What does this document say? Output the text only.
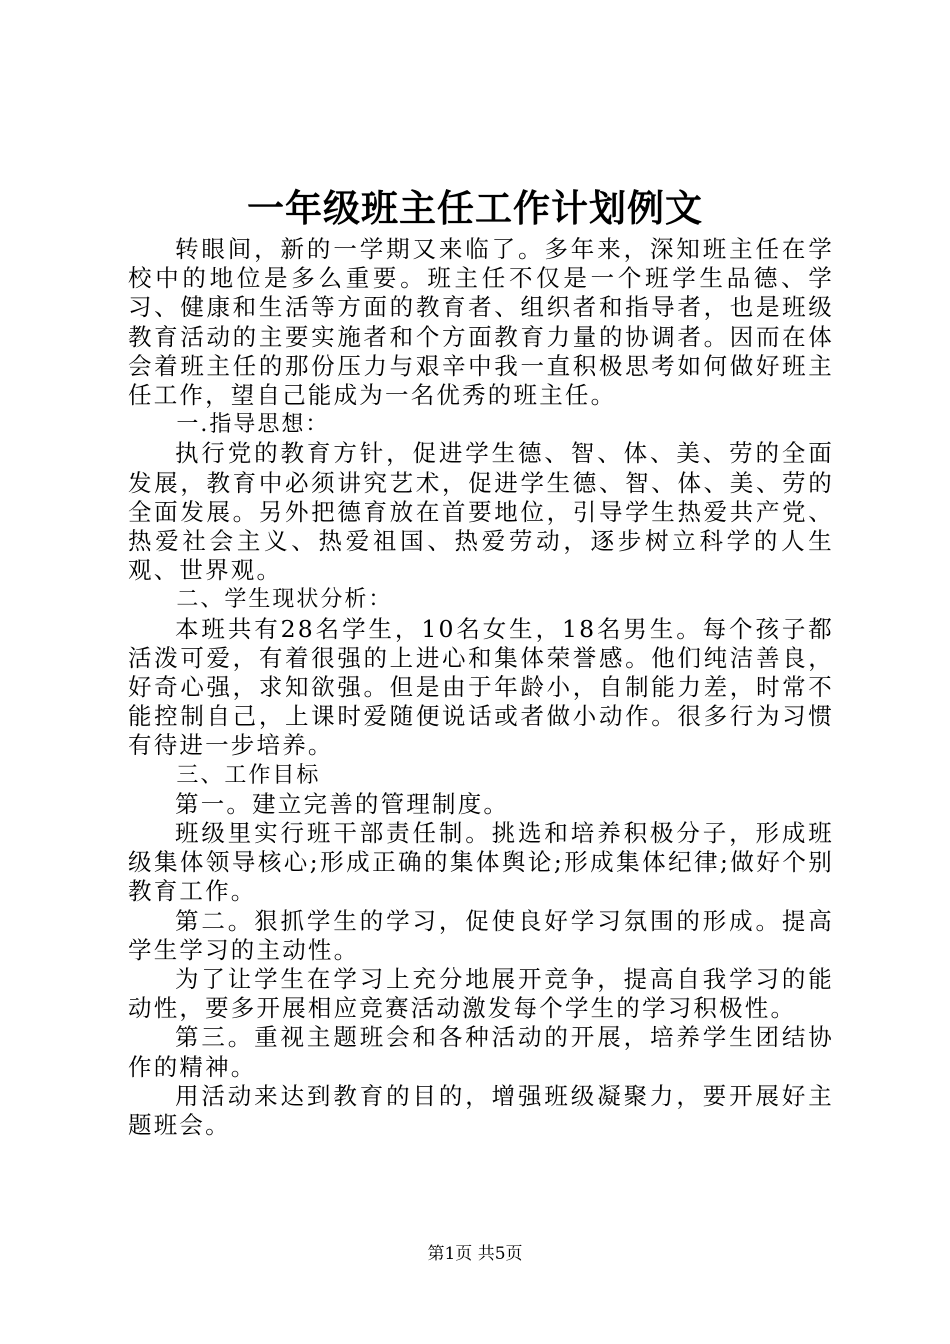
一年级班主任工作计划例文

转眼间，新的一学期又来临了。多年来，深知班主任在学校中的地位是多么重要。班主任不仅是一个班学生品德、学习、健康和生活等方面的教育者、组织者和指导者，也是班级教育活动的主要实施者和个方面教育力量的协调者。因而在体会着班主任的那份压力与艰辛中我一直积极思考如何做好班主任工作，望自己能成为一名优秀的班主任。

一.指导思想：

执行党的教育方针，促进学生德、智、体、美、劳的全面发展，教育中必须讲究艺术，促进学生德、智、体、美、劳的全面发展。另外把德育放在首要地位，引导学生热爱共产党、热爱社会主义、热爱祖国、热爱劳动，逐步树立科学的人生观、世界观。

二、学生现状分析：

本班共有28名学生，10名女生，18名男生。每个孩子都活泼可爱，有着很强的上进心和集体荣誉感。他们纯洁善良，好奇心强，求知欲强。但是由于年龄小，自制能力差，时常不能控制自己，上课时爱随便说话或者做小动作。很多行为习惯有待进一步培养。

三、工作目标

第一。建立完善的管理制度。

班级里实行班干部责任制。挑选和培养积极分子，形成班级集体领导核心;形成正确的集体舆论;形成集体纪律;做好个别教育工作。

第二。狠抓学生的学习，促使良好学习氛围的形成。提高学生学习的主动性。

为了让学生在学习上充分地展开竞争，提高自我学习的能动性，要多开展相应竞赛活动激发每个学生的学习积极性。

第三。重视主题班会和各种活动的开展，培养学生团结协作的精神。

用活动来达到教育的目的，增强班级凝聚力，要开展好主题班会。

第1页 共5页
